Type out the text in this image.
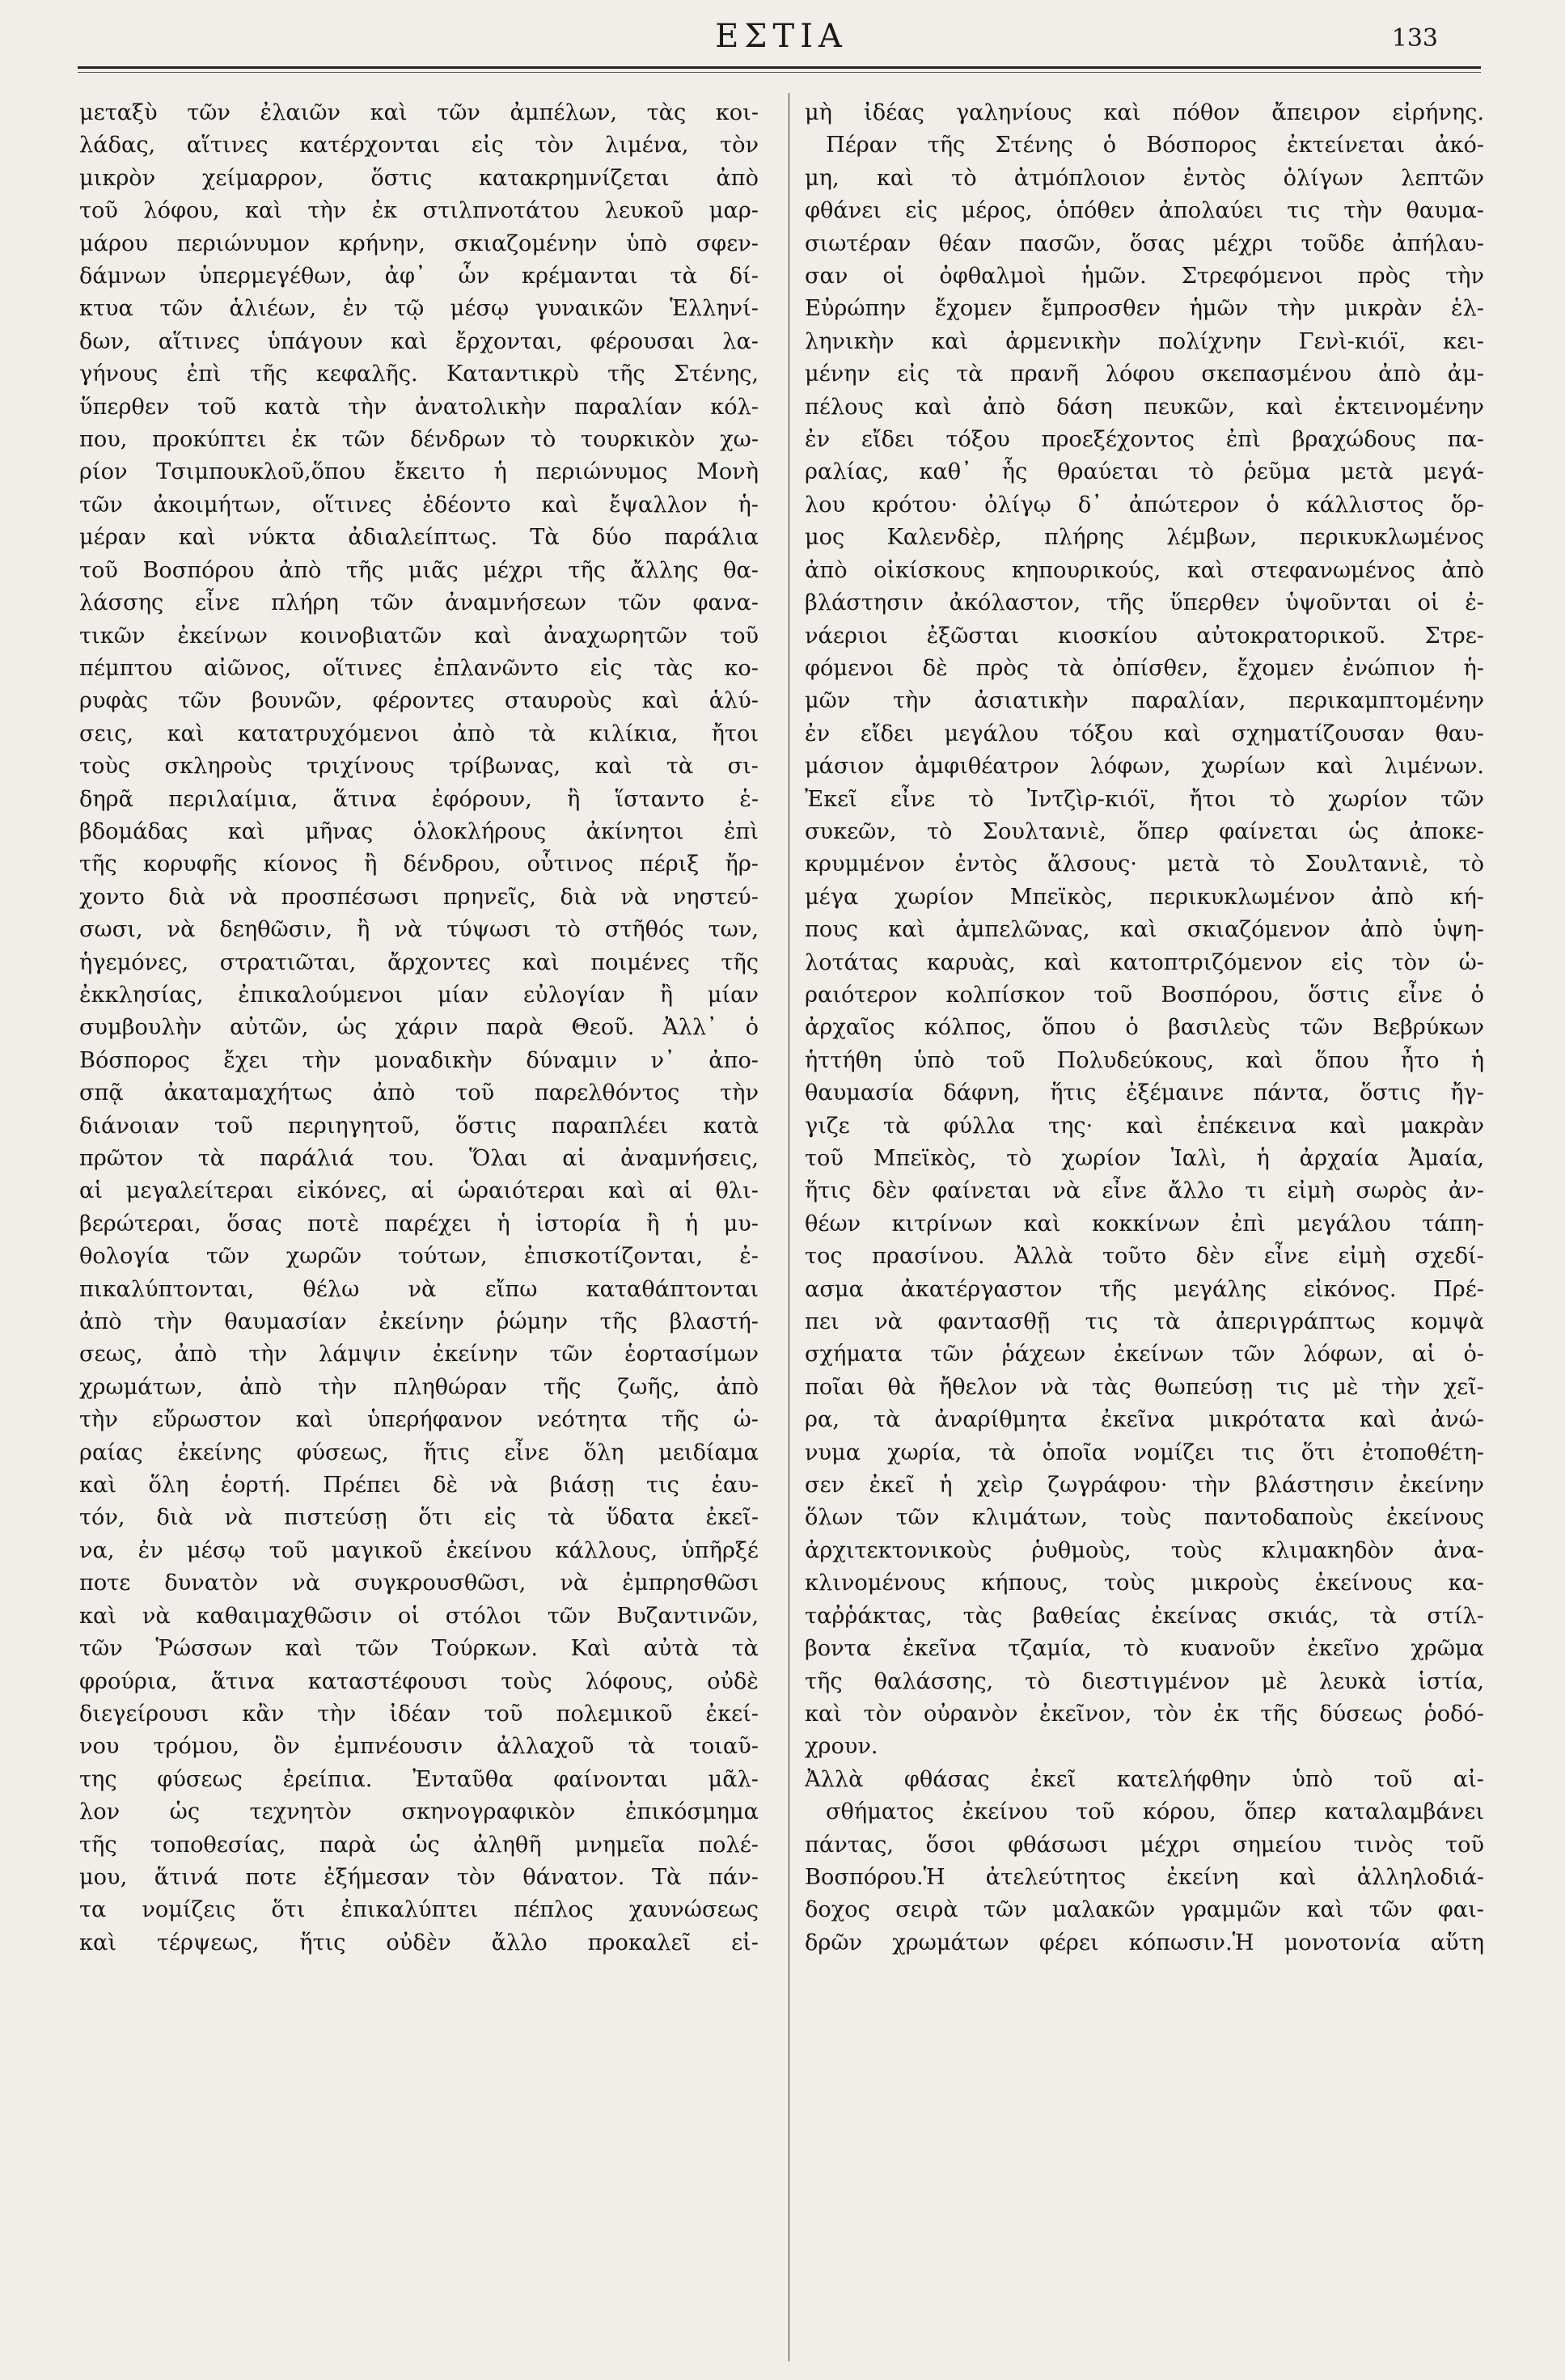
ΕΣΤΙΑ	133
μεταξὺ τῶν ἐλαιῶν καὶ τῶν ἀμπέλων, τὰς κοι-
λάδας, αἵτινες κατέρχονται εἰς τὸν λιμένα, τὸν
μικρὸν χείμαρρον, ὅστις κατακρημνίζεται ἀπὸ
τοῦ λόφου, καὶ τὴν ἐκ στιλπνοτάτου λευκοῦ μαρ-
μάρου περιώνυμον κρήνην, σκιαζομένην ὑπὸ σφεν-
δάμνων ὑπερμεγέθων, ἀφ᾽ ὧν κρέμανται τὰ δί-
κτυα τῶν ἁλιέων, ἐν τῷ μέσῳ γυναικῶν Ἑλληνί-
δων, αἵτινες ὑπάγουν καὶ ἔρχονται, φέρουσαι λα-
γήνους ἐπὶ τῆς κεφαλῆς. Καταντικρὺ τῆς Στένης,
ὕπερθεν τοῦ κατὰ τὴν ἀνατολικὴν παραλίαν κόλ-
που, προκύπτει ἐκ τῶν δένδρων τὸ τουρκικὸν χω-
ρίον Τσιμπουκλοῦ,ὅπου ἔκειτο ἡ περιώνυμος Μονὴ
τῶν ἀκοιμήτων, οἵτινες ἐδέοντο καὶ ἔψαλλον ἡ-
μέραν καὶ νύκτα ἀδιαλείπτως. Τὰ δύο παράλια
τοῦ Βοσπόρου ἀπὸ τῆς μιᾶς μέχρι τῆς ἄλλης θα-
λάσσης εἶνε πλήρη τῶν ἀναμνήσεων τῶν φανα-
τικῶν ἐκείνων κοινοβιατῶν καὶ ἀναχωρητῶν τοῦ
πέμπτου αἰῶνος, οἵτινες ἐπλανῶντο εἰς τὰς κο-
ρυφὰς τῶν βουνῶν, φέροντες σταυροὺς καὶ ἁλύ-
σεις, καὶ κατατρυχόμενοι ἀπὸ τὰ κιλίκια, ἤτοι
τοὺς σκληροὺς τριχίνους τρίβωνας, καὶ τὰ σι-
δηρᾶ περιλαίμια, ἅτινα ἐφόρουν, ἢ ἵσταντο ἑ-
βδομάδας καὶ μῆνας ὁλοκλήρους ἀκίνητοι ἐπὶ
τῆς κορυφῆς κίονος ἢ δένδρου, οὗτινος πέριξ ἤρ-
χοντο διὰ νὰ προσπέσωσι πρηνεῖς, διὰ νὰ νηστεύ-
σωσι, νὰ δεηθῶσιν, ἢ νὰ τύψωσι τὸ στῆθός των,
ἡγεμόνες, στρατιῶται, ἄρχοντες καὶ ποιμένες τῆς
ἐκκλησίας, ἐπικαλούμενοι μίαν εὐλογίαν ἢ μίαν
συμβουλὴν αὐτῶν, ὡς χάριν παρὰ Θεοῦ. Ἀλλ᾽ ὁ
Βόσπορος ἔχει τὴν μοναδικὴν δύναμιν ν᾽ ἀπο-
σπᾷ ἀκαταμαχήτως ἀπὸ τοῦ παρελθόντος τὴν
διάνοιαν τοῦ περιηγητοῦ, ὅστις παραπλέει κατὰ
πρῶτον τὰ παράλιά του. Ὅλαι αἱ ἀναμνήσεις,
αἱ μεγαλείτεραι εἰκόνες, αἱ ὡραιότεραι καὶ αἱ θλι-
βερώτεραι, ὅσας ποτὲ παρέχει ἡ ἱστορία ἢ ἡ μυ-
θολογία τῶν χωρῶν τούτων, ἐπισκοτίζονται, ἐ-
πικαλύπτονται, θέλω νὰ εἴπω καταθάπτονται
ἀπὸ τὴν θαυμασίαν ἐκείνην ῥώμην τῆς βλαστή-
σεως, ἀπὸ τὴν λάμψιν ἐκείνην τῶν ἑορτασίμων
χρωμάτων, ἀπὸ τὴν πληθώραν τῆς ζωῆς, ἀπὸ
τὴν εὔρωστον καὶ ὑπερήφανον νεότητα τῆς ὡ-
ραίας ἐκείνης φύσεως, ἥτις εἶνε ὅλη μειδίαμα
καὶ ὅλη ἑορτή. Πρέπει δὲ νὰ βιάσῃ τις ἑαυ-
τόν, διὰ νὰ πιστεύσῃ ὅτι εἰς τὰ ὕδατα ἐκεῖ-
να, ἐν μέσῳ τοῦ μαγικοῦ ἐκείνου κάλλους, ὑπῆρξέ
ποτε δυνατὸν νὰ συγκρουσθῶσι, νὰ ἐμπρησθῶσι
καὶ νὰ καθαιμαχθῶσιν οἱ στόλοι τῶν Βυζαντινῶν,
τῶν Ῥώσσων καὶ τῶν Τούρκων. Καὶ αὐτὰ τὰ
φρούρια, ἅτινα καταστέφουσι τοὺς λόφους, οὐδὲ
διεγείρουσι κἂν τὴν ἰδέαν τοῦ πολεμικοῦ ἐκεί-
νου τρόμου, ὃν ἐμπνέουσιν ἀλλαχοῦ τὰ τοιαῦ-
της φύσεως ἐρείπια. Ἐνταῦθα φαίνονται μᾶλ-
λον ὡς τεχνητὸν σκηνογραφικὸν ἐπικόσμημα
τῆς τοποθεσίας, παρὰ ὡς ἀληθῆ μνημεῖα πολέ-
μου, ἅτινά ποτε ἐξήμεσαν τὸν θάνατον. Τὰ πάν-
τα νομίζεις ὅτι ἐπικαλύπτει πέπλος χαυνώσεως
καὶ τέρψεως, ἥτις οὐδὲν ἄλλο προκαλεῖ εἰ-
μὴ ἰδέας γαληνίους καὶ πόθον ἄπειρον εἰρήνης.
Πέραν τῆς Στένης ὁ Βόσπορος ἐκτείνεται ἀκό-
μη, καὶ τὸ ἀτμόπλοιον ἐντὸς ὀλίγων λεπτῶν
φθάνει εἰς μέρος, ὁπόθεν ἀπολαύει τις τὴν θαυμα-
σιωτέραν θέαν πασῶν, ὅσας μέχρι τοῦδε ἀπήλαυ-
σαν οἱ ὀφθαλμοὶ ἡμῶν. Στρεφόμενοι πρὸς τὴν
Εὐρώπην ἔχομεν ἔμπροσθεν ἡμῶν τὴν μικρὰν ἑλ-
ληνικὴν καὶ ἀρμενικὴν πολίχνην Γενὶ-κιόϊ, κει-
μένην εἰς τὰ πρανῆ λόφου σκεπασμένου ἀπὸ ἀμ-
πέλους καὶ ἀπὸ δάση πευκῶν, καὶ ἐκτεινομένην
ἐν εἴδει τόξου προεξέχοντος ἐπὶ βραχώδους πα-
ραλίας, καθ᾽ ἧς θραύεται τὸ ῥεῦμα μετὰ μεγά-
λου κρότου· ὀλίγῳ δ᾽ ἀπώτερον ὁ κάλλιστος ὅρ-
μος Καλενδὲρ, πλήρης λέμβων, περικυκλωμένος
ἀπὸ οἰκίσκους κηπουρικούς, καὶ στεφανωμένος ἀπὸ
βλάστησιν ἀκόλαστον, τῆς ὕπερθεν ὑψοῦνται οἱ ἐ-
νάεριοι ἐξῶσται κιοσκίου αὐτοκρατορικοῦ. Στρε-
φόμενοι δὲ πρὸς τὰ ὀπίσθεν, ἔχομεν ἐνώπιον ἡ-
μῶν τὴν ἀσιατικὴν παραλίαν, περικαμπτομένην
ἐν εἴδει μεγάλου τόξου καὶ σχηματίζουσαν θαυ-
μάσιον ἀμφιθέατρον λόφων, χωρίων καὶ λιμένων.
Ἐκεῖ εἶνε τὸ Ἰντζὶρ-κιόϊ, ἤτοι τὸ χωρίον τῶν
συκεῶν, τὸ Σουλτανιὲ, ὅπερ φαίνεται ὡς ἀποκε-
κρυμμένον ἐντὸς ἄλσους· μετὰ τὸ Σουλτανιὲ, τὸ
μέγα χωρίον Μπεϊκὸς, περικυκλωμένον ἀπὸ κή-
πους καὶ ἀμπελῶνας, καὶ σκιαζόμενον ἀπὸ ὑψη-
λοτάτας καρυὰς, καὶ κατοπτριζόμενον εἰς τὸν ὡ-
ραιότερον κολπίσκον τοῦ Βοσπόρου, ὅστις εἶνε ὁ
ἀρχαῖος κόλπος, ὅπου ὁ βασιλεὺς τῶν Βεβρύκων
ἡττήθη ὑπὸ τοῦ Πολυδεύκους, καὶ ὅπου ἦτο ἡ
θαυμασία δάφνη, ἥτις ἐξέμαινε πάντα, ὅστις ἤγ-
γιζε τὰ φύλλα της· καὶ ἐπέκεινα καὶ μακρὰν
τοῦ Μπεϊκὸς, τὸ χωρίον Ἰαλὶ, ἡ ἀρχαία Ἀμαία,
ἥτις δὲν φαίνεται νὰ εἶνε ἄλλο τι εἰμὴ σωρὸς ἀν-
θέων κιτρίνων καὶ κοκκίνων ἐπὶ μεγάλου τάπη-
τος πρασίνου. Ἀλλὰ τοῦτο δὲν εἶνε εἰμὴ σχεδί-
ασμα ἀκατέργαστον τῆς μεγάλης εἰκόνος. Πρέ-
πει νὰ φαντασθῇ τις τὰ ἀπεριγράπτως κομψὰ
σχήματα τῶν ῥάχεων ἐκείνων τῶν λόφων, αἱ ὁ-
ποῖαι θὰ ἤθελον νὰ τὰς θωπεύσῃ τις μὲ τὴν χεῖ-
ρα, τὰ ἀναρίθμητα ἐκεῖνα μικρότατα καὶ ἀνώ-
νυμα χωρία, τὰ ὁποῖα νομίζει τις ὅτι ἐτοποθέτη-
σεν ἐκεῖ ἡ χεὶρ ζωγράφου· τὴν βλάστησιν ἐκείνην
ὅλων τῶν κλιμάτων, τοὺς παντοδαποὺς ἐκείνους
ἀρχιτεκτονικοὺς ῥυθμοὺς, τοὺς κλιμακηδὸν ἀνα-
κλινομένους κήπους, τοὺς μικροὺς ἐκείνους κα-
ταῤῥάκτας, τὰς βαθείας ἐκείνας σκιάς, τὰ στίλ-
βοντα ἐκεῖνα τζαμία, τὸ κυανοῦν ἐκεῖνο χρῶμα
τῆς θαλάσσης, τὸ διεστιγμένον μὲ λευκὰ ἱστία,
καὶ τὸν οὐρανὸν ἐκεῖνον, τὸν ἐκ τῆς δύσεως ῥοδό-
χρουν.
Ἀλλὰ φθάσας ἐκεῖ κατελήφθην ὑπὸ τοῦ αἰ-
σθήματος ἐκείνου τοῦ κόρου, ὅπερ καταλαμβάνει
πάντας, ὅσοι φθάσωσι μέχρι σημείου τινὸς τοῦ
Βοσπόρου.Ἡ ἀτελεύτητος ἐκείνη καὶ ἀλληλοδιά-
δοχος σειρὰ τῶν μαλακῶν γραμμῶν καὶ τῶν φαι-
δρῶν χρωμάτων φέρει κόπωσιν.Ἡ μονοτονία αὕτη
